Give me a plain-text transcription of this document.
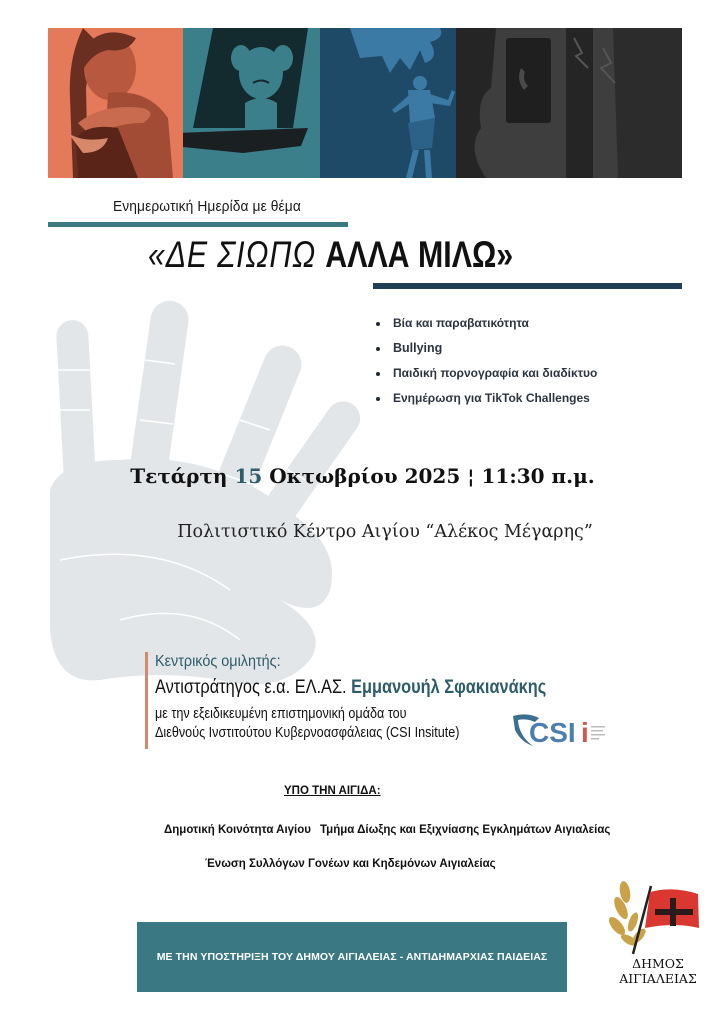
Ενημερωτική Ημερίδα με θέμα
«ΔΕ ΣΙΩΠΩ ΑΛΛΑ ΜΙΛΩ»
Βία και παραβατικότητα
Bullying
Παιδική πορνογραφία και διαδίκτυο
Ενημέρωση για TikTok Challenges
Τετάρτη 15 Οκτωβρίου 2025 ¦ 11:30 π.μ.
Πολιτιστικό Κέντρο Αιγίου “Αλέκος Μέγαρης”
Κεντρικός ομιλητής:
Αντιστράτηγος ε.α. ΕΛ.ΑΣ. Εμμανουήλ Σφακιανάκης
με την εξειδικευμένη επιστημονική ομάδα του
Διεθνούς Ινστιτούτου Κυβερνοασφάλειας (CSI Insitute)	CSI i
ΥΠΟ ΤΗΝ ΑΙΓΙΔΑ:
Δημοτική Κοινότητα Αιγίου Τμήμα Δίωξης και Εξιχνίασης Εγκλημάτων Αιγιαλείας
Ένωση Συλλόγων Γονέων και Κηδεμόνων Αιγιαλείας
ΜΕ ΤΗΝ ΥΠΟΣΤΗΡΙΞΗ ΤΟΥ ΔΗΜΟΥ ΑΙΓΙΑΛΕΙΑΣ - ΑΝΤΙΔΗΜΑΡΧΙΑΣ ΠΑΙΔΕΙΑΣ	ΔΗΜΟΣ
ΑΙΓΙΑΛΕΙΑΣ
